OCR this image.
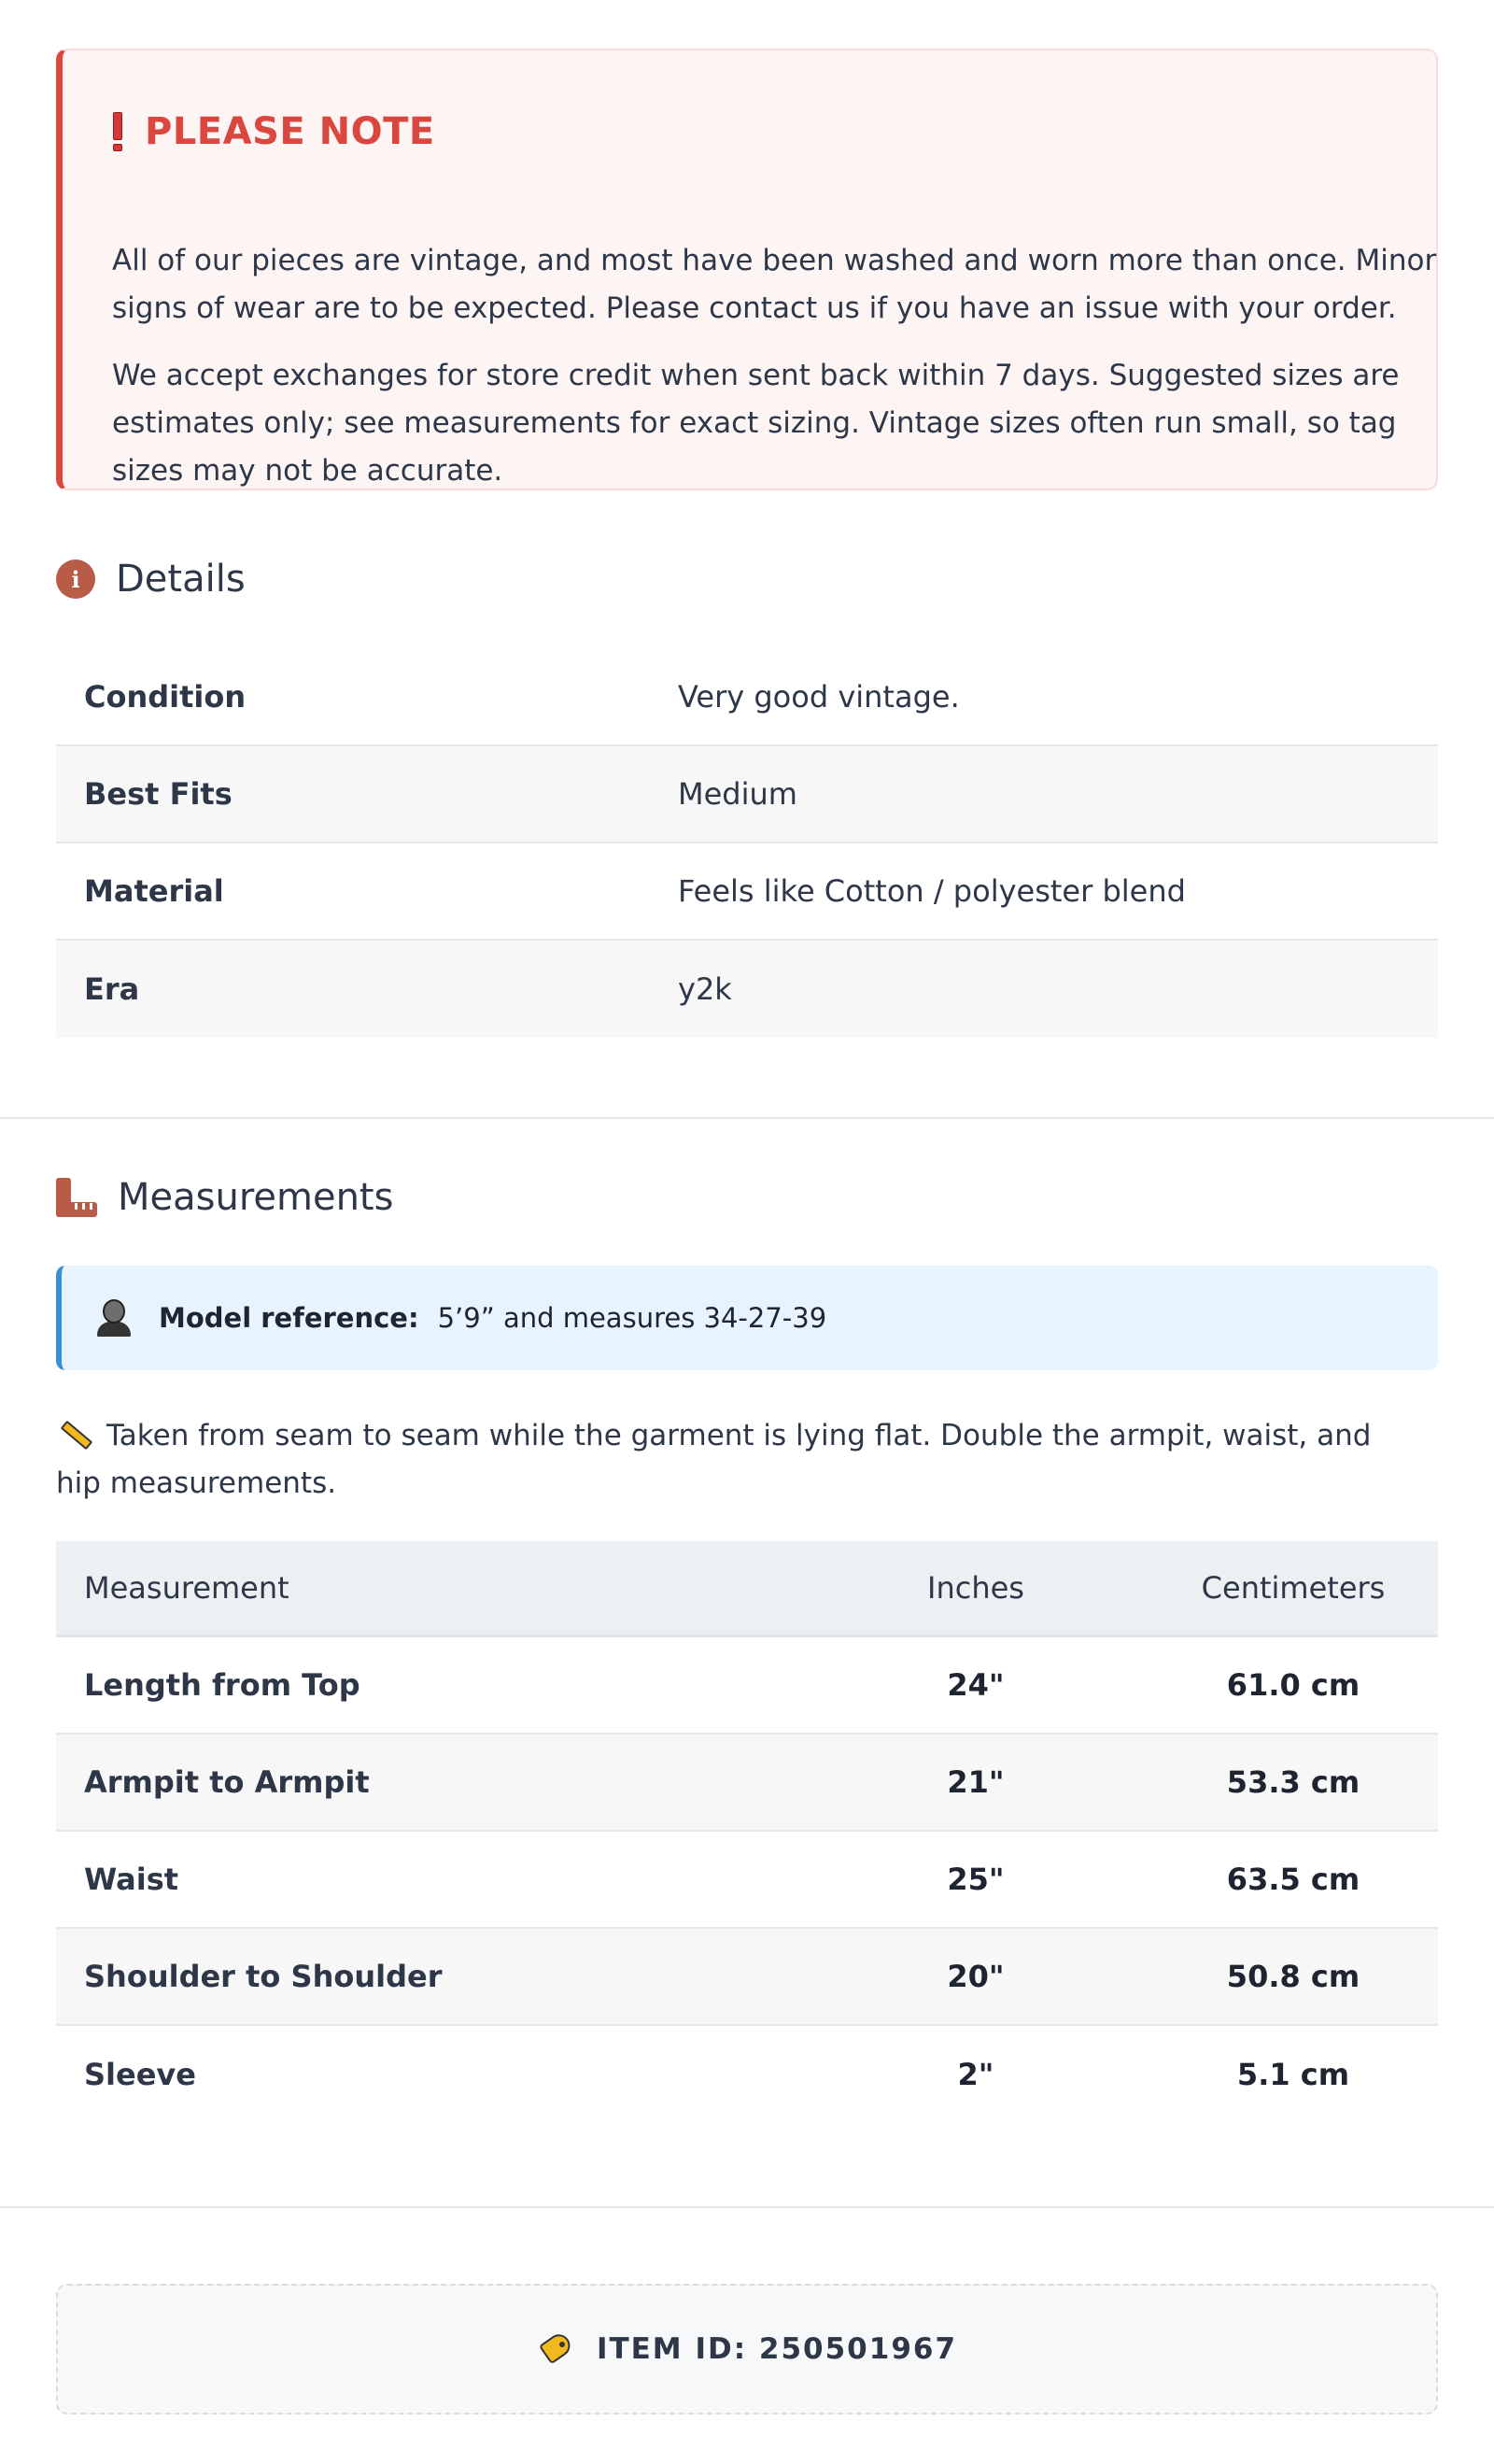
PLEASE NOTE

All of our pieces are vintage, and most have been washed and worn more than once. Minor signs of wear are to be expected. Please contact us if you have an issue with your order.

We accept exchanges for store credit when sent back within 7 days. Suggested sizes are estimates only; see measurements for exact sizing. Vintage sizes often run small, so tag sizes may not be accurate.

i Details
Condition	Very good vintage.
Best Fits	Medium
Material	Feels like Cotton / polyester blend
Era	y2k
Measurements
Model reference: 5’9” and measures 34-27-39

Taken from seam to seam while the garment is lying flat. Double the armpit, waist, and hip measurements.

Measurement	Inches	Centimeters
Length from Top	24"	61.0 cm
Armpit to Armpit	21"	53.3 cm
Waist	25"	63.5 cm
Shoulder to Shoulder	20"	50.8 cm
Sleeve	2"	5.1 cm
ITEM ID: 250501967
